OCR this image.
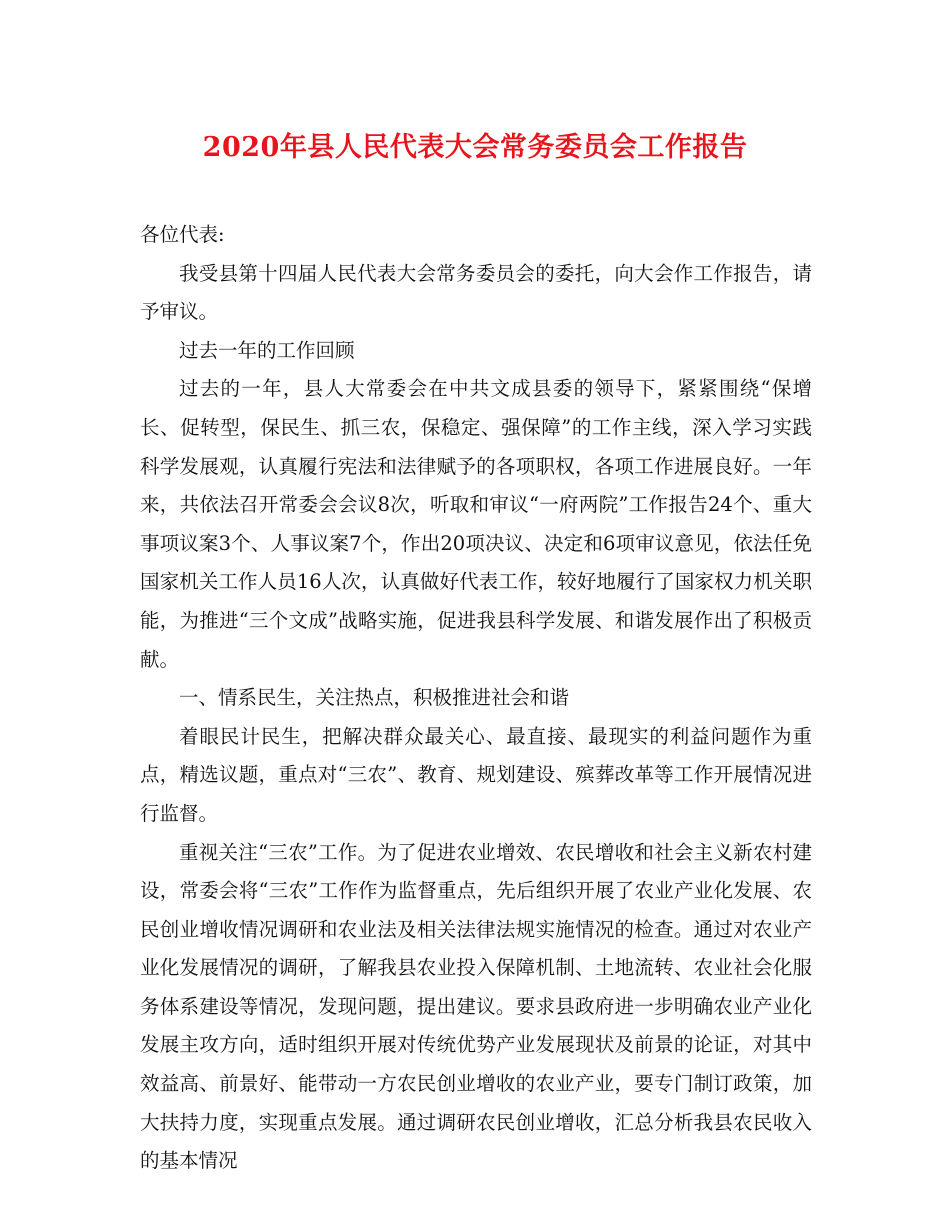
2020年县人民代表大会常务委员会工作报告

各位代表:

我受县第十四届人民代表大会常务委员会的委托，向大会作工作报告，请予审议。

过去一年的工作回顾

过去的一年，县人大常委会在中共文成县委的领导下，紧紧围绕“保增长、促转型，保民生、抓三农，保稳定、强保障”的工作主线，深入学习实践科学发展观，认真履行宪法和法律赋予的各项职权，各项工作进展良好。一年来，共依法召开常委会会议8次，听取和审议“一府两院”工作报告24个、重大事项议案3个、人事议案7个，作出20项决议、决定和6项审议意见，依法任免国家机关工作人员16人次，认真做好代表工作，较好地履行了国家权力机关职能，为推进“三个文成”战略实施，促进我县科学发展、和谐发展作出了积极贡献。

一、情系民生，关注热点，积极推进社会和谐

着眼民计民生，把解决群众最关心、最直接、最现实的利益问题作为重点，精选议题，重点对“三农”、教育、规划建设、殡葬改革等工作开展情况进行监督。

重视关注“三农”工作。为了促进农业增效、农民增收和社会主义新农村建设，常委会将“三农”工作作为监督重点，先后组织开展了农业产业化发展、农民创业增收情况调研和农业法及相关法律法规实施情况的检查。通过对农业产业化发展情况的调研，了解我县农业投入保障机制、土地流转、农业社会化服务体系建设等情况，发现问题，提出建议。要求县政府进一步明确农业产业化发展主攻方向，适时组织开展对传统优势产业发展现状及前景的论证，对其中效益高、前景好、能带动一方农民创业增收的农业产业，要专门制订政策，加大扶持力度，实现重点发展。通过调研农民创业增收，汇总分析我县农民收入的基本情况
